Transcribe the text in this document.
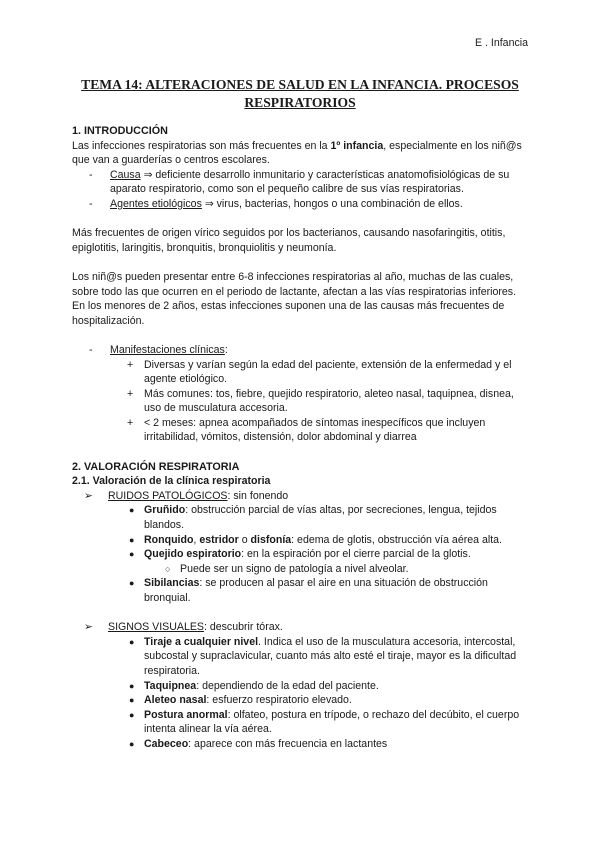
E . Infancia
TEMA 14: ALTERACIONES DE SALUD EN LA INFANCIA. PROCESOS
RESPIRATORIOS
1. INTRODUCCIÓN

Las infecciones respiratorias son más frecuentes en la 1º infancia, especialmente en los niñ@s que van a guarderías o centros escolares.

- Causa ⇒ deficiente desarrollo inmunitario y características anatomofisiológicas de su aparato respiratorio, como son el pequeño calibre de sus vías respiratorias.
- Agentes etiológicos ⇒ virus, bacterias, hongos o una combinación de ellos.

Más frecuentes de origen vírico seguidos por los bacterianos, causando nasofaringitis, otitis, epiglotitis, laringitis, bronquitis, bronquiolitis y neumonía.

Los niñ@s pueden presentar entre 6-8 infecciones respiratorias al año, muchas de las cuales, sobre todo las que ocurren en el periodo de lactante, afectan a las vías respiratorias inferiores. En los menores de 2 años, estas infecciones suponen una de las causas más frecuentes de hospitalización.

- Manifestaciones clínicas:
+ Diversas y varían según la edad del paciente, extensión de la enfermedad y el agente etiológico.
+ Más comunes: tos, fiebre, quejido respiratorio, aleteo nasal, taquipnea, disnea, uso de musculatura accesoria.
+ < 2 meses: apnea acompañados de síntomas inespecíficos que incluyen irritabilidad, vómitos, distensión, dolor abdominal y diarrea
2. VALORACIÓN RESPIRATORIA
2.1. Valoración de la clínica respiratoria
➢ RUIDOS PATOLÓGICOS: sin fonendo
● Gruñido: obstrucción parcial de vías altas, por secreciones, lengua, tejidos blandos.
● Ronquido, estridor o disfonía: edema de glotis, obstrucción vía aérea alta.
● Quejido espiratorio: en la espiración por el cierre parcial de la glotis.
○ Puede ser un signo de patología a nivel alveolar.
● Sibilancias: se producen al pasar el aire en una situación de obstrucción bronquial.
➢ SIGNOS VISUALES: descubrir tórax.
● Tiraje a cualquier nivel. Indica el uso de la musculatura accesoria, intercostal, subcostal y supraclavicular, cuanto más alto esté el tiraje, mayor es la dificultad respiratoria.
● Taquipnea: dependiendo de la edad del paciente.
● Aleteo nasal: esfuerzo respiratorio elevado.
● Postura anormal: olfateo, postura en trípode, o rechazo del decúbito, el cuerpo intenta alinear la vía aérea.
● Cabeceo: aparece con más frecuencia en lactantes
